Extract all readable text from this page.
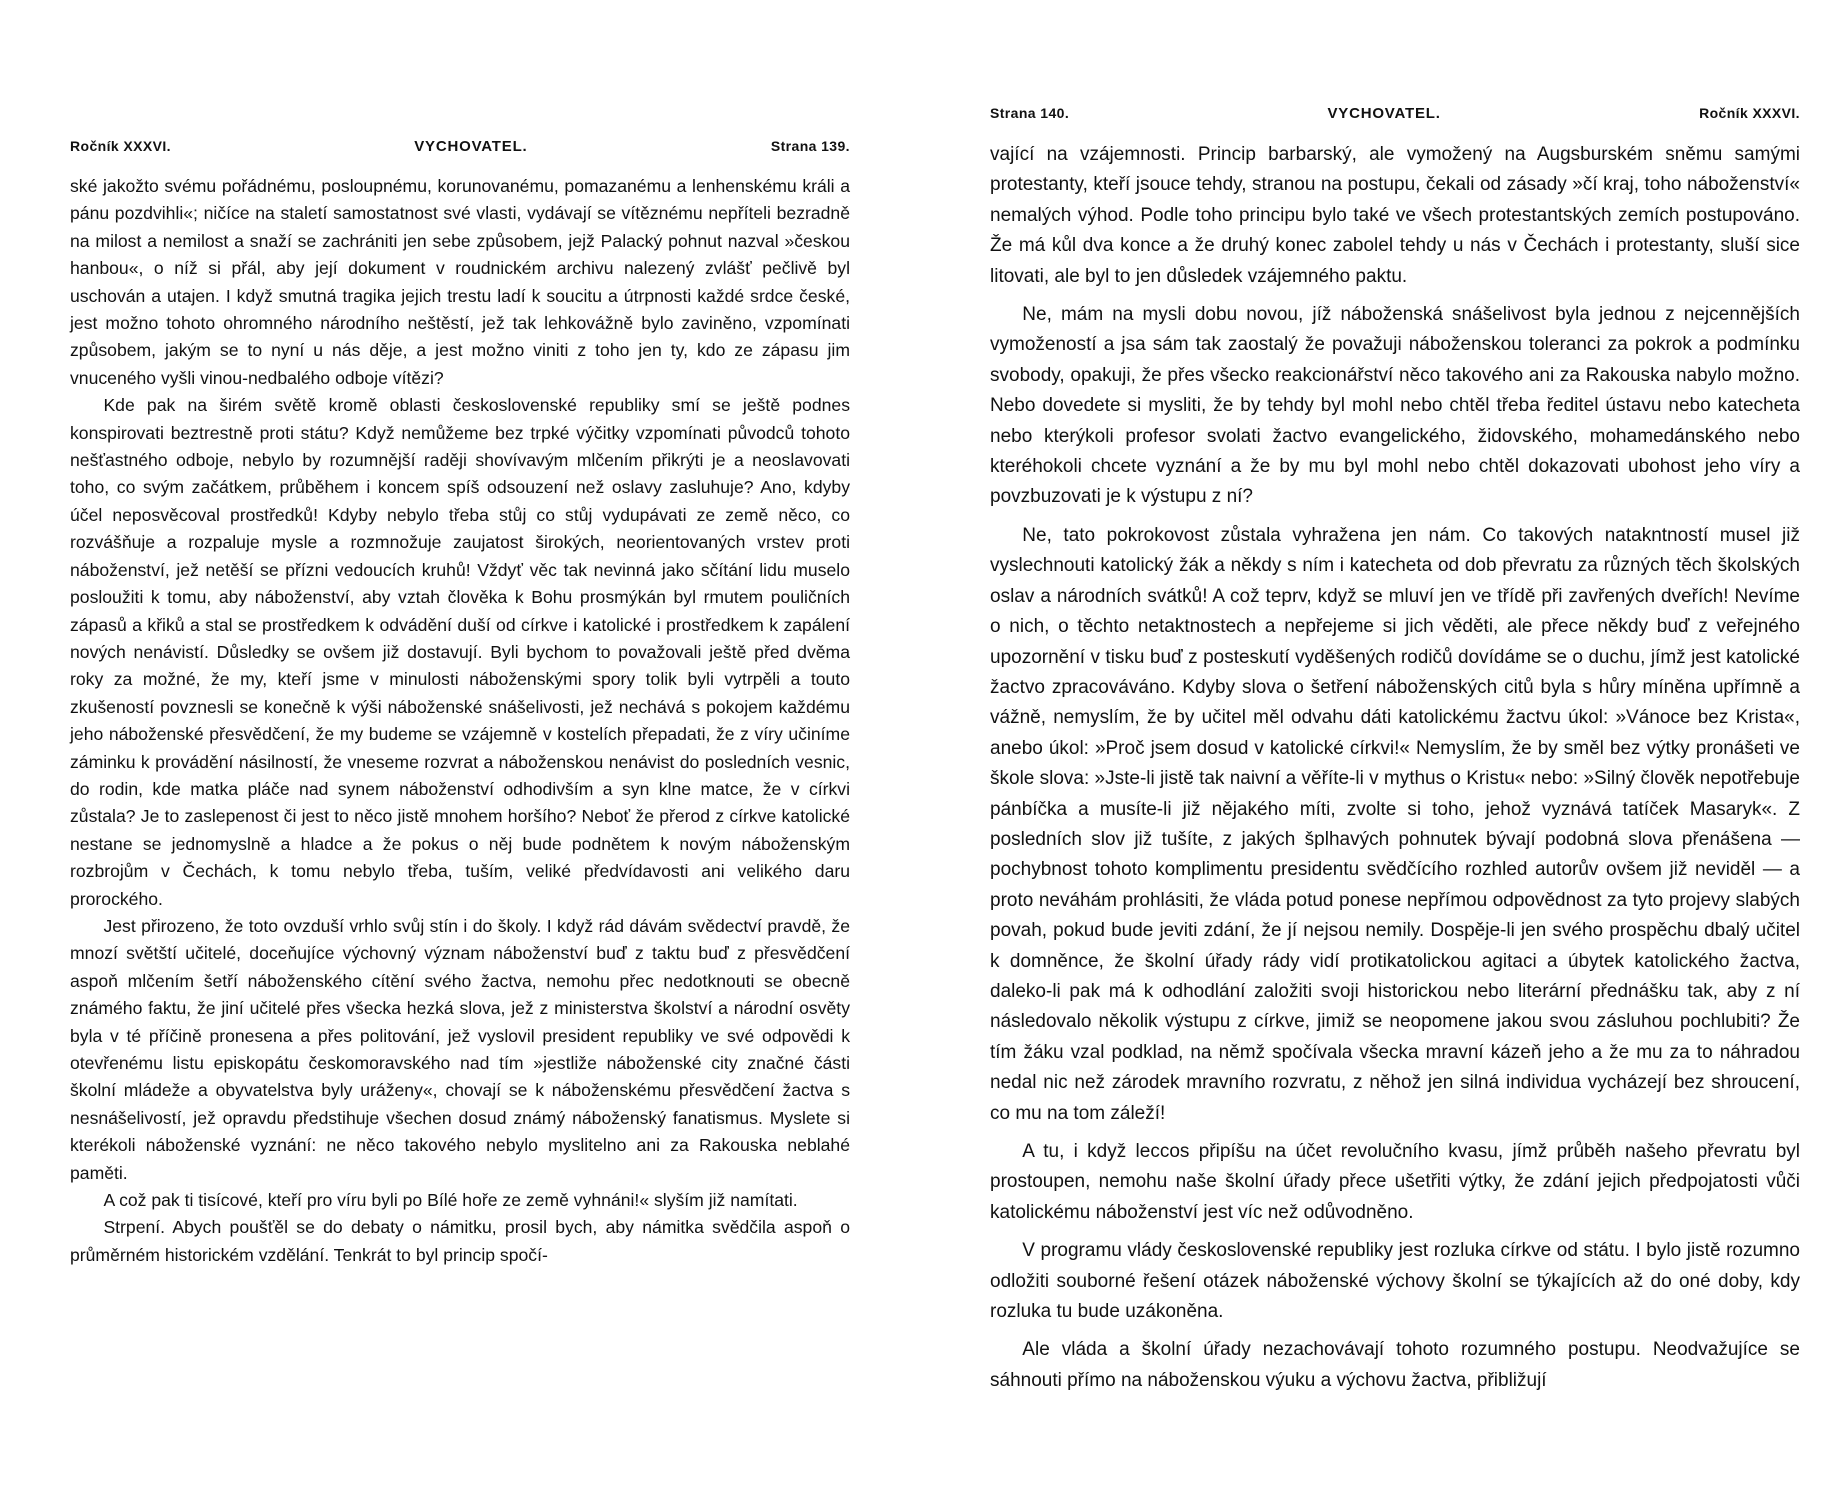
Ročník XXXVI.	VYCHOVATEL.	Strana 139.

ské jakožto svému pořádnému, posloupnému, korunovanému, pomazanému a lenhenskému králi a pánu pozdvihli«; ničíce na staletí samostatnost své vlasti, vydávají se vítěznému nepříteli bezradně na milost a nemilost a snaží se zachrániti jen sebe způsobem, jejž Palacký pohnut nazval »českou hanbou«, o níž si přál, aby její dokument v roudnickém archivu nalezený zvlášť pečlivě byl uschován a utajen. I když smutná tragika jejich trestu ladí k soucitu a útrpnosti každé srdce české, jest možno tohoto ohromného národního neštěstí, jež tak lehkovážně bylo zaviněno, vzpomínati způsobem, jakým se to nyní u nás děje, a jest možno viniti z toho jen ty, kdo ze zápasu jim vnuceného vyšli vinou-nedbalého odboje vítězi?

Kde pak na širém světě kromě oblasti československé republiky smí se ještě podnes konspirovati beztrestně proti státu? Když nemůžeme bez trpké výčitky vzpomínati původců tohoto nešťastného odboje, nebylo by rozumnější raději shovívavým mlčením přikrýti je a neoslavovati toho, co svým začátkem, průběhem i koncem spíš odsouzení než oslavy zasluhuje? Ano, kdyby účel neposvěcoval prostředků! Kdyby nebylo třeba stůj co stůj vydupávati ze země něco, co rozvášňuje a rozpaluje mysle a rozmnožuje zaujatost širokých, neorientovaných vrstev proti náboženství, jež netěší se přízni vedoucích kruhů! Vždyť věc tak nevinná jako sčítání lidu muselo posloužiti k tomu, aby náboženství, aby vztah člověka k Bohu prosmýkán byl rmutem pouličních zápasů a křiků a stal se prostředkem k odvádění duší od církve i katolické i prostředkem k zapálení nových nenávistí. Důsledky se ovšem již dostavují. Byli bychom to považovali ještě před dvěma roky za možné, že my, kteří jsme v minulosti náboženskými spory tolik byli vytrpěli a touto zkušeností povznesli se konečně k výši náboženské snášelivosti, jež nechává s pokojem každému jeho náboženské přesvědčení, že my budeme se vzájemně v kostelích přepadati, že z víry učiníme záminku k provádění násilností, že vneseme rozvrat a náboženskou nenávist do posledních vesnic, do rodin, kde matka pláče nad synem náboženství odhodivším a syn klne matce, že v církvi zůstala? Je to zaslepenost či jest to něco jistě mnohem horšího? Neboť že přerod z církve katolické nestane se jednomyslně a hladce a že pokus o něj bude podnětem k novým náboženským rozbrojům v Čechách, k tomu nebylo třeba, tuším, veliké předvídavosti ani velikého daru prorockého.

Jest přirozeno, že toto ovzduší vrhlo svůj stín i do školy. I když rád dávám svědectví pravdě, že mnozí světští učitelé, doceňujíce výchovný význam náboženství buď z taktu buď z přesvědčení aspoň mlčením šetří náboženského cítění svého žactva, nemohu přec nedotknouti se obecně známého faktu, že jiní učitelé přes všecka hezká slova, jež z ministerstva školství a národní osvěty byla v té příčině pronesena a přes politování, jež vyslovil president republiky ve své odpovědi k otevřenému listu episkopátu českomoravského nad tím »jestliže náboženské city značné části školní mládeže a obyvatelstva byly uráženy«, chovají se k náboženskému přesvědčení žactva s nesnášelivostí, jež opravdu předstihuje všechen dosud známý náboženský fanatismus. Myslete si kterékoli náboženské vyznání: ne něco takového nebylo myslitelno ani za Rakouska neblahé paměti.

A což pak ti tisícové, kteří pro víru byli po Bílé hoře ze země vyhnáni!« slyším již namítati.

Strpení. Abych poušťěl se do debaty o námitku, prosil bych, aby námitka svědčila aspoň o průměrném historickém vzdělání. Tenkrát to byl princip spočí-

Strana 140.	VYCHOVATEL.	Ročník XXXVI.

vající na vzájemnosti. Princip barbarský, ale vymožený na Augsburském sněmu samými protestanty, kteří jsouce tehdy, stranou na postupu, čekali od zásady »čí kraj, toho náboženství« nemalých výhod. Podle toho principu bylo také ve všech protestantských zemích postupováno. Že má kůl dva konce a že druhý konec zabolel tehdy u nás v Čechách i protestanty, sluší sice litovati, ale byl to jen důsledek vzájemného paktu.

Ne, mám na mysli dobu novou, jíž náboženská snášelivost byla jednou z nejcennějších vymožeností a jsa sám tak zaostalý že považuji náboženskou toleranci za pokrok a podmínku svobody, opakuji, že přes všecko reakcionářství něco takového ani za Rakouska nabylo možno. Nebo dovedete si mysliti, že by tehdy byl mohl nebo chtěl třeba ředitel ústavu nebo katecheta nebo kterýkoli profesor svolati žactvo evangelického, židovského, mohamedánského nebo kteréhokoli chcete vyznání a že by mu byl mohl nebo chtěl dokazovati ubohost jeho víry a povzbuzovati je k výstupu z ní?

Ne, tato pokrokovost zůstala vyhražena jen nám. Co takových natakntností musel již vyslechnouti katolický žák a někdy s ním i katecheta od dob převratu za různých těch školských oslav a národních svátků! A což teprv, když se mluví jen ve třídě při zavřených dveřích! Nevíme o nich, o těchto netaktnostech a nepřejeme si jich věděti, ale přece někdy buď z veřejného upozornění v tisku buď z posteskutí vyděšených rodičů dovídáme se o duchu, jímž jest katolické žactvo zpracováváno. Kdyby slova o šetření náboženských citů byla s hůry míněna upřímně a vážně, nemyslím, že by učitel měl odvahu dáti katolickému žactvu úkol: »Vánoce bez Krista«, anebo úkol: »Proč jsem dosud v katolické církvi!« Nemyslím, že by směl bez výtky pronášeti ve škole slova: »Jste-li jistě tak naivní a věříte-li v mythus o Kristu« nebo: »Silný člověk nepotřebuje pánbíčka a musíte-li již nějakého míti, zvolte si toho, jehož vyznává tatíček Masaryk«. Z posledních slov již tušíte, z jakých šplhavých pohnutek bývají podobná slova přenášena — pochybnost tohoto komplimentu presidentu svědčícího rozhled autorův ovšem již neviděl — a proto neváhám prohlásiti, že vláda potud ponese nepřímou odpovědnost za tyto projevy slabých povah, pokud bude jeviti zdání, že jí nejsou nemily. Dospěje-li jen svého prospěchu dbalý učitel k domněnce, že školní úřady rády vidí protikatolickou agitaci a úbytek katolického žactva, daleko-li pak má k odhodlání založiti svoji historickou nebo literární přednášku tak, aby z ní následovalo několik výstupu z církve, jimiž se neopomene jakou svou zásluhou pochlubiti? Že tím žáku vzal podklad, na němž spočívala všecka mravní kázeň jeho a že mu za to náhradou nedal nic než zárodek mravního rozvratu, z něhož jen silná individua vycházejí bez shroucení, co mu na tom záleží!

A tu, i když leccos připíšu na účet revolučního kvasu, jímž průběh našeho převratu byl prostoupen, nemohu naše školní úřady přece ušetřiti výtky, že zdání jejich předpojatosti vůči katolickému náboženství jest víc než odůvodněno.

V programu vlády československé republiky jest rozluka církve od státu. I bylo jistě rozumno odložiti souborné řešení otázek náboženské výchovy školní se týkajících až do oné doby, kdy rozluka tu bude uzákoněna.

Ale vláda a školní úřady nezachovávají tohoto rozumného postupu. Neodvažujíce se sáhnouti přímo na náboženskou výuku a výchovu žactva, přibližují
